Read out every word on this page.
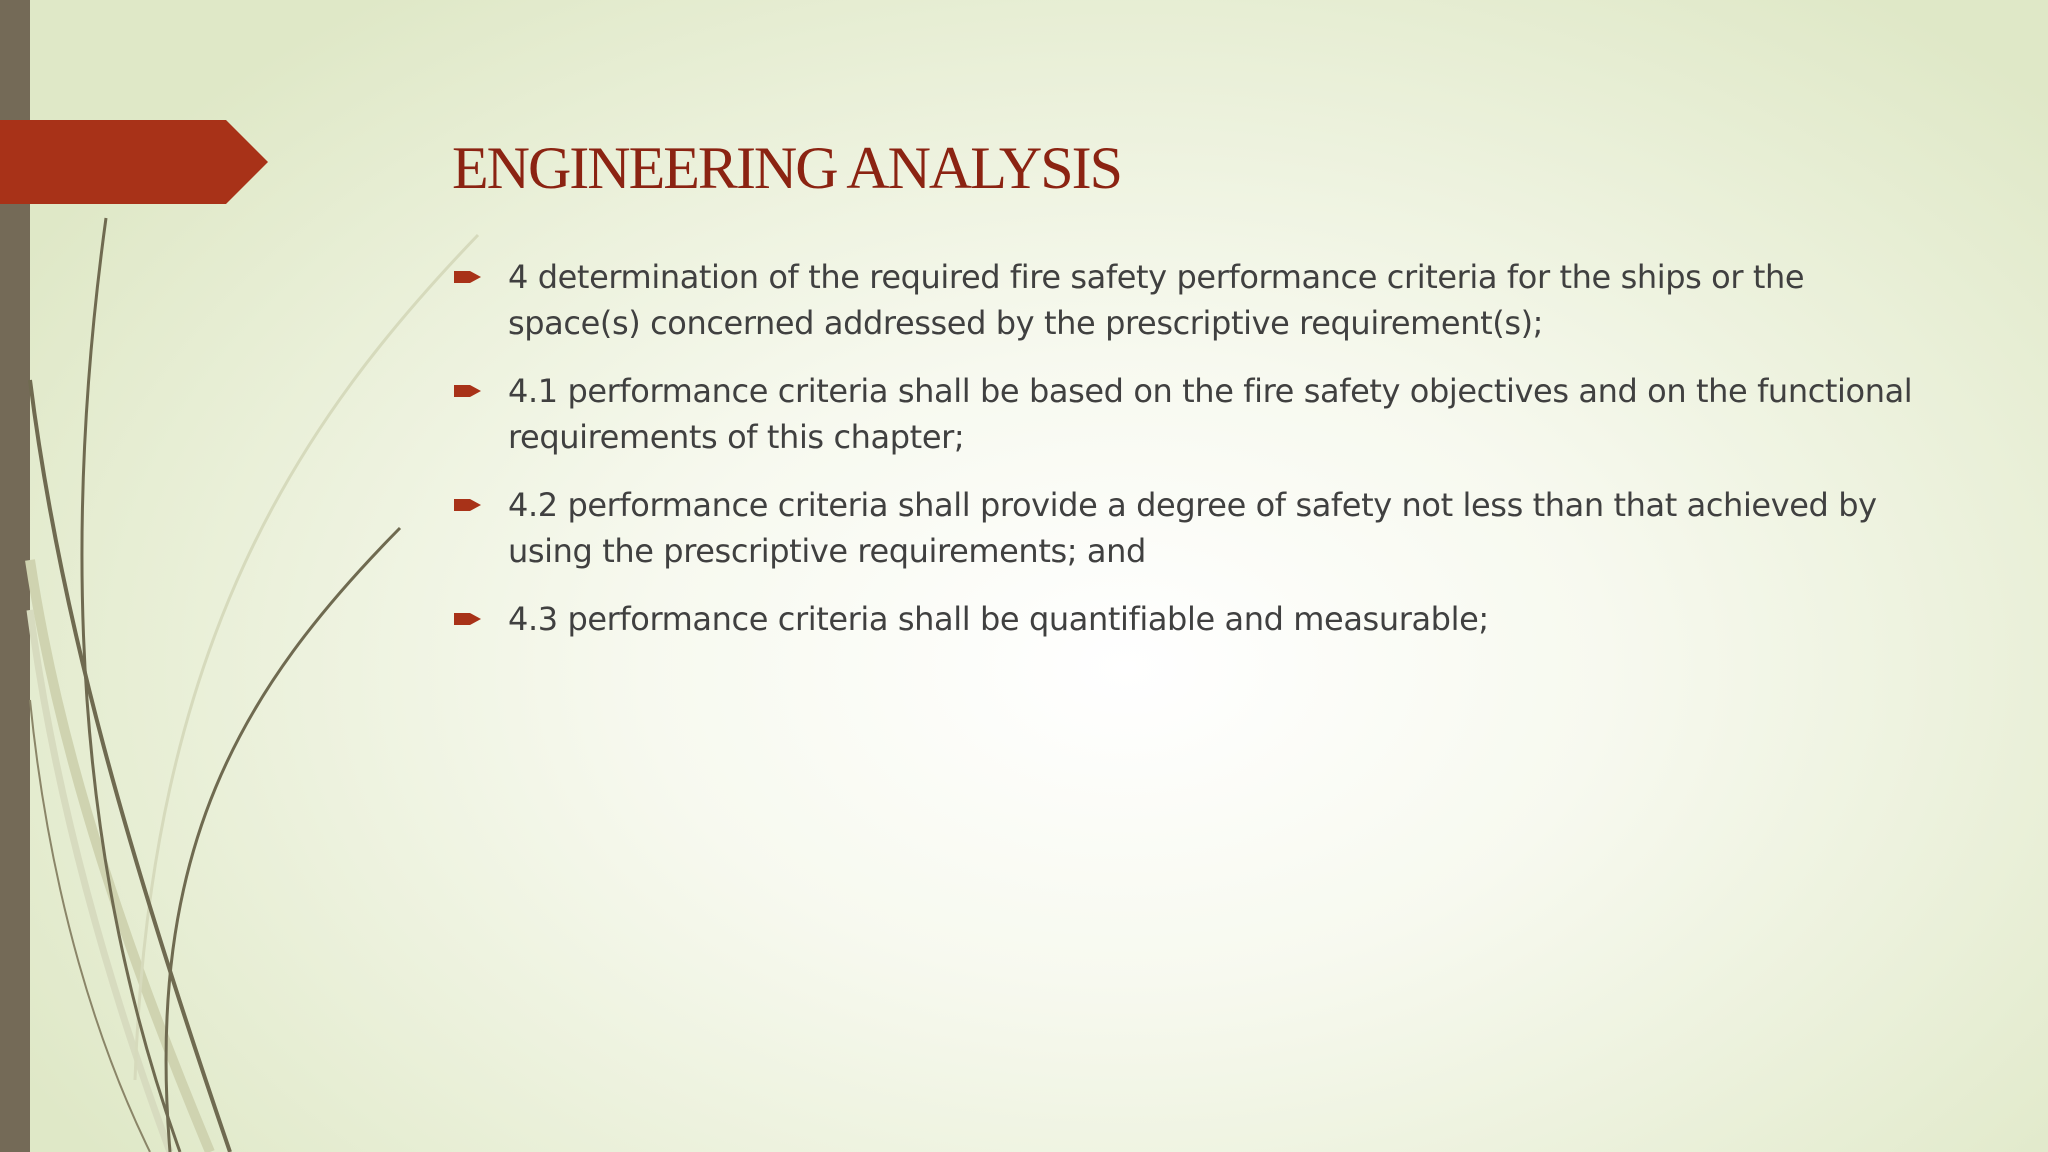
ENGINEERING ANALYSIS
4 determination of the required fire safety performance criteria for the ships or the space(s) concerned addressed by the prescriptive requirement(s);
4.1 performance criteria shall be based on the fire safety objectives and on the functional requirements of this chapter;
4.2 performance criteria shall provide a degree of safety not less than that achieved by using the prescriptive requirements; and
4.3 performance criteria shall be quantifiable and measurable;
